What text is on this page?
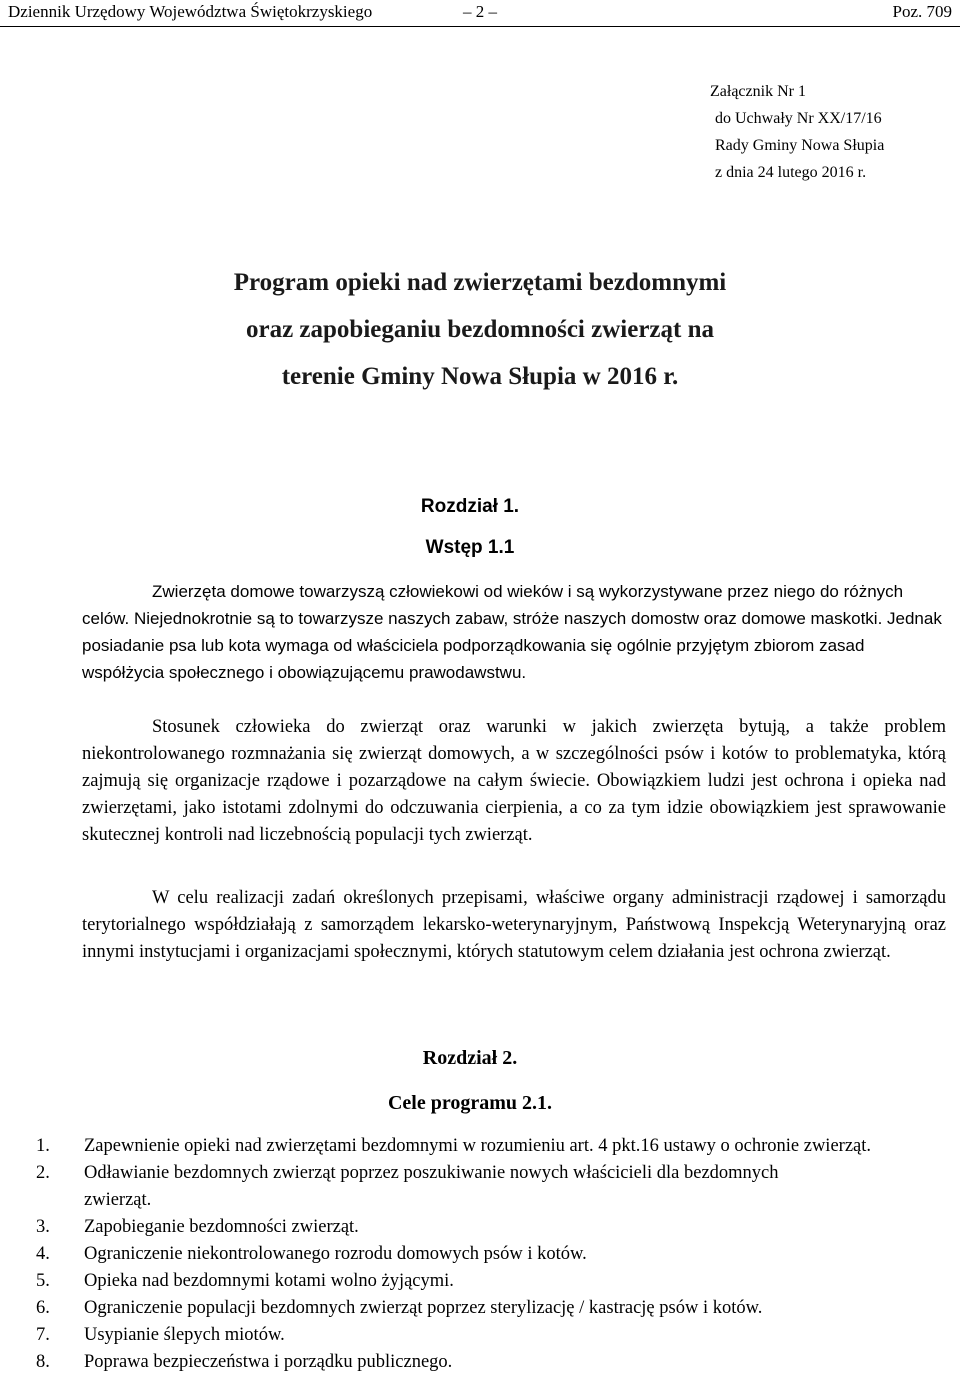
Dziennik Urzędowy Województwa Świętokrzyskiego	– 2 –	Poz. 709
Załącznik Nr 1
do Uchwały Nr XX/17/16
Rady Gminy Nowa Słupia
z dnia 24 lutego 2016 r.
Program opieki nad zwierzętami bezdomnymi
oraz zapobieganiu bezdomności zwierząt na
terenie Gminy Nowa Słupia w 2016 r.
Rozdział 1.
Wstęp 1.1
Zwierzęta domowe towarzyszą człowiekowi od wieków i są wykorzystywane przez niego do różnych celów. Niejednokrotnie są to towarzysze naszych zabaw, stróże naszych domostw oraz domowe maskotki. Jednak posiadanie psa lub kota wymaga od właściciela podporządkowania się ogólnie przyjętym zbiorom zasad współżycia społecznego i obowiązującemu prawodawstwu.
Stosunek człowieka do zwierząt oraz warunki w jakich zwierzęta bytują, a także problem niekontrolowanego rozmnażania się zwierząt domowych, a w szczególności psów i kotów to problematyka, którą zajmują się organizacje rządowe i pozarządowe na całym świecie. Obowiązkiem ludzi jest ochrona i opieka nad zwierzętami, jako istotami zdolnymi do odczuwania cierpienia, a co za tym idzie obowiązkiem jest sprawowanie skutecznej kontroli nad liczebnością populacji tych zwierząt.
W celu realizacji zadań określonych przepisami, właściwe organy administracji rządowej i samorządu terytorialnego współdziałają z samorządem lekarsko-weterynaryjnym, Państwową Inspekcją Weterynaryjną oraz innymi instytucjami i organizacjami społecznymi, których statutowym celem działania jest ochrona zwierząt.
Rozdział 2.
Cele programu 2.1.
1. Zapewnienie opieki nad zwierzętami bezdomnymi w rozumieniu art. 4 pkt.16 ustawy o ochronie zwierząt.
2. Odławianie bezdomnych zwierząt poprzez poszukiwanie nowych właścicieli dla bezdomnych zwierząt.
3. Zapobieganie bezdomności zwierząt.
4. Ograniczenie niekontrolowanego rozrodu domowych psów i kotów.
5. Opieka nad bezdomnymi kotami wolno żyjącymi.
6. Ograniczenie populacji bezdomnych zwierząt poprzez sterylizację / kastrację psów i kotów.
7. Usypianie ślepych miotów.
8. Poprawa bezpieczeństwa i porządku publicznego.
